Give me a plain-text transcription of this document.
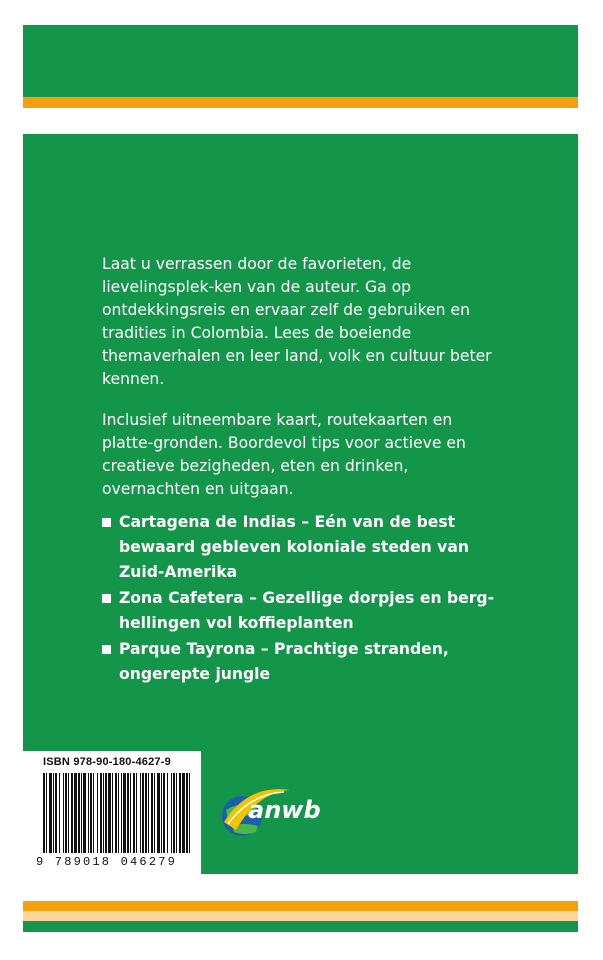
Laat u verrassen door de favorieten, de lievelingsplek-ken van de auteur. Ga op ontdekkingsreis en ervaar zelf de gebruiken en tradities in Colombia. Lees de boeiende themaverhalen en leer land, volk en cultuur beter kennen.

Inclusief uitneembare kaart, routekaarten en platte-gronden. Boordevol tips voor actieve en creatieve bezigheden, eten en drinken, overnachten en uitgaan.

Cartagena de Indias – Eén van de best bewaard gebleven koloniale steden van Zuid-Amerika
Zona Cafetera – Gezellige dorpjes en berg-hellingen vol koffieplanten
Parque Tayrona – Prachtige stranden, ongerepte jungle
ISBN 978-90-180-4627-9
9 789018 046279
anwb
